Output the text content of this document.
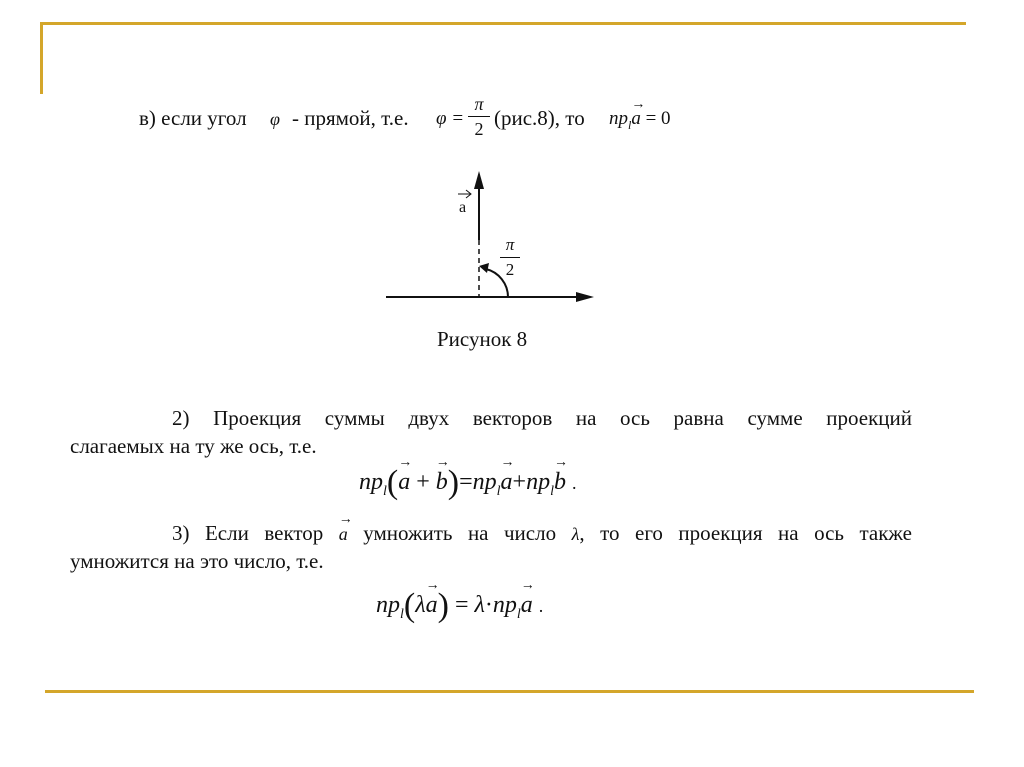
в) если угол φ - прямой, т.е. φ =
π
2 (рис.8), то $np_l\to a = 0$
a
π
2
Рисунок 8
2) Проекция суммы двух векторов на ось равна сумме проекций
слагаемых на ту же ось, т.е.
$np_l(\to a$ + → $b)=np_l\to a+np_l\to b$ .
3) Если вектор → a умножить на число λ, то его проекция на ось также
умножится на это число, т.е.
$np_l(\lambda\to a) = \lambda\cdot np_l\to a$ .
